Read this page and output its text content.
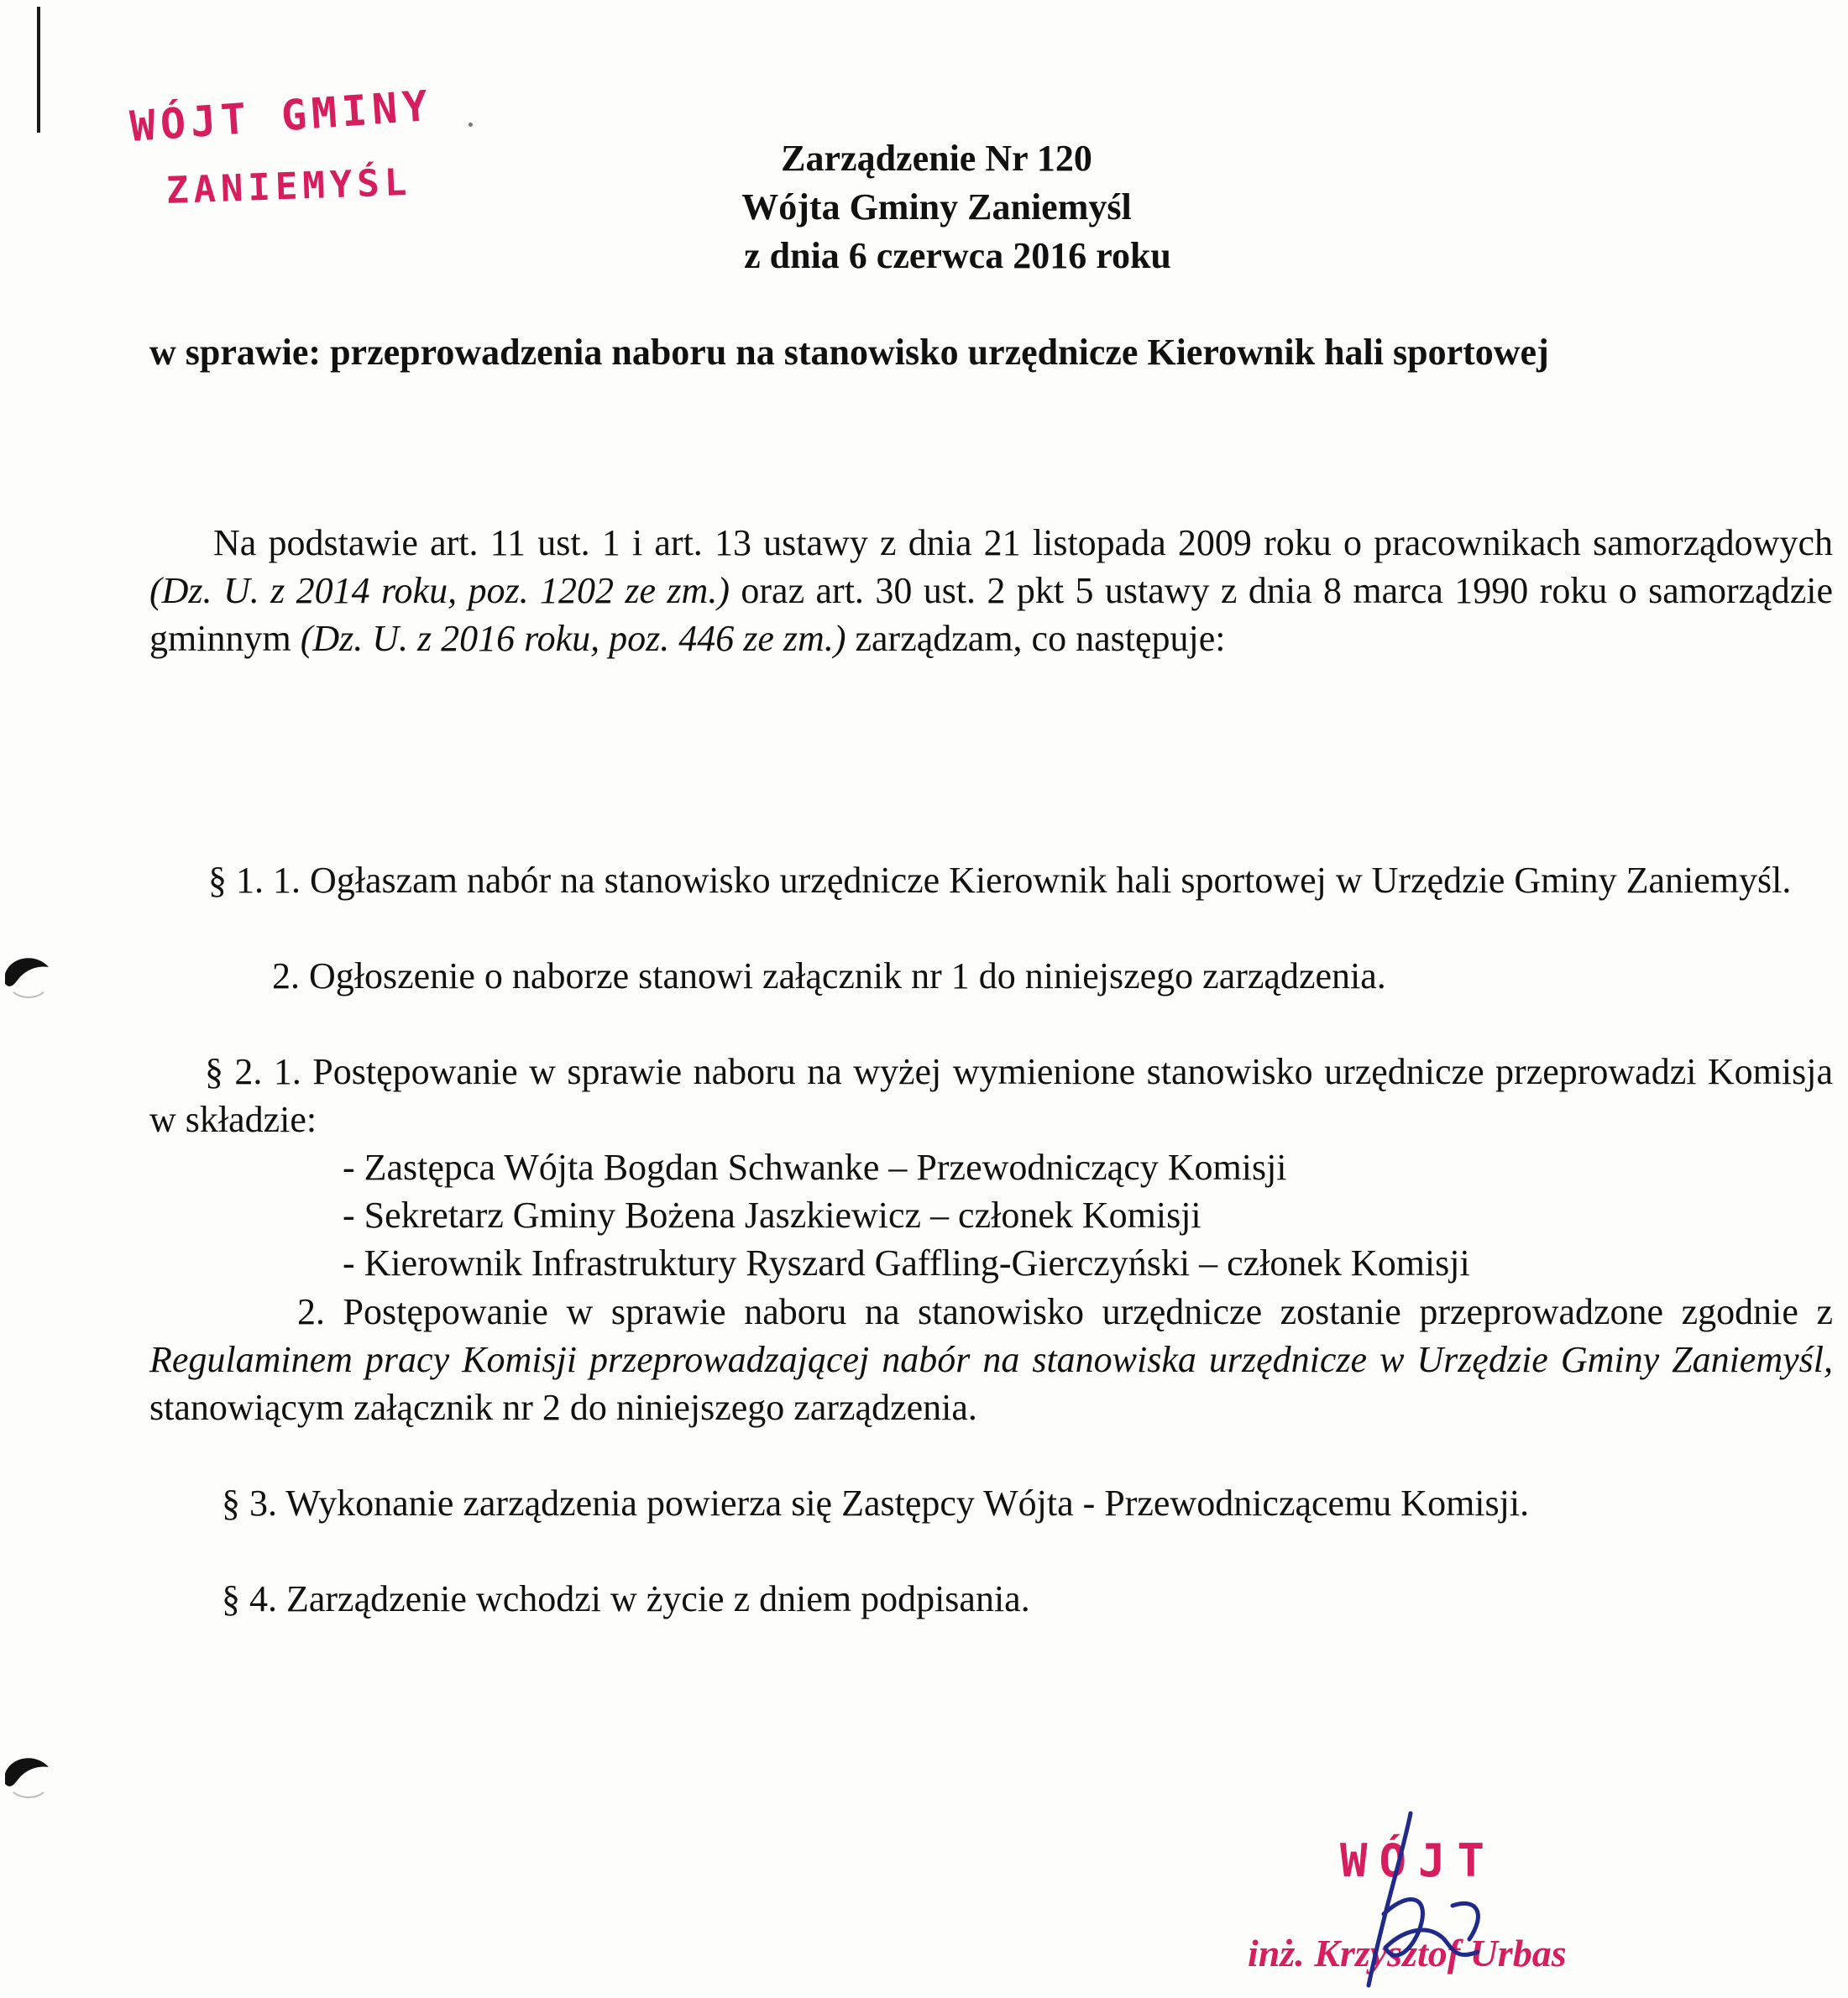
WÓJT GMINY
ZANIEMYŚL
Zarządzenie Nr 120
Wójta Gminy Zaniemyśl
z dnia 6 czerwca 2016 roku
w sprawie: przeprowadzenia naboru na stanowisko urzędnicze Kierownik hali sportowej
Na podstawie art. 11 ust. 1 i art. 13 ustawy z dnia 21 listopada 2009 roku o pracownikach samorządowych (Dz. U. z 2014 roku, poz. 1202 ze zm.) oraz art. 30 ust. 2 pkt 5 ustawy z dnia 8 marca 1990 roku o samorządzie gminnym (Dz. U. z 2016 roku, poz. 446 ze zm.) zarządzam, co następuje:
§ 1. 1. Ogłaszam nabór na stanowisko urzędnicze Kierownik hali sportowej w Urzędzie Gminy Zaniemyśl.
2. Ogłoszenie o naborze stanowi załącznik nr 1 do niniejszego zarządzenia.
§ 2. 1. Postępowanie w sprawie naboru na wyżej wymienione stanowisko urzędnicze przeprowadzi Komisja w składzie:
- Zastępca Wójta Bogdan Schwanke – Przewodniczący Komisji
- Sekretarz Gminy Bożena Jaszkiewicz – członek Komisji
- Kierownik Infrastruktury Ryszard Gaffling-Gierczyński – członek Komisji
2. Postępowanie w sprawie naboru na stanowisko urzędnicze zostanie przeprowadzone zgodnie z Regulaminem pracy Komisji przeprowadzającej nabór na stanowiska urzędnicze w Urzędzie Gminy Zaniemyśl, stanowiącym załącznik nr 2 do niniejszego zarządzenia.
§ 3. Wykonanie zarządzenia powierza się Zastępcy Wójta - Przewodniczącemu Komisji.
§ 4. Zarządzenie wchodzi w życie z dniem podpisania.
WÓJT
inż. Krzysztof Urbas
